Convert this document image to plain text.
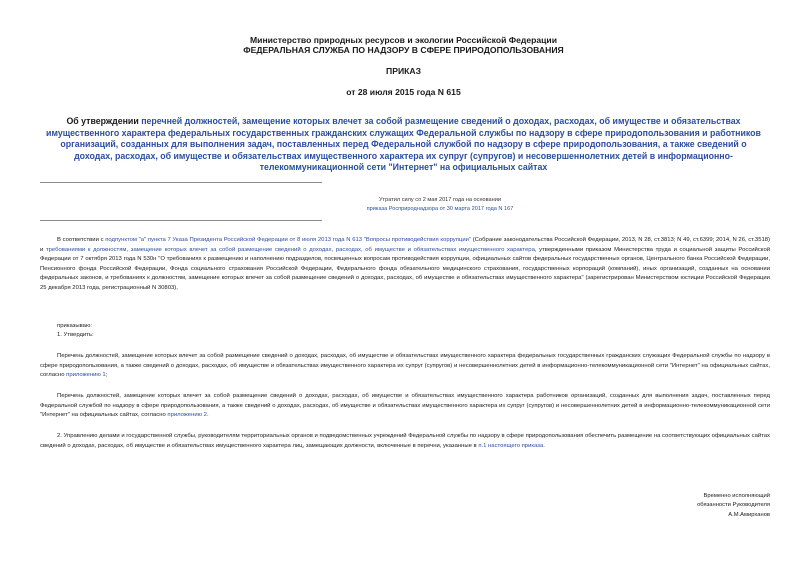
Министерство природных ресурсов и экологии Российской Федерации
ФЕДЕРАЛЬНАЯ СЛУЖБА ПО НАДЗОРУ В СФЕРЕ ПРИРОДОПОЛЬЗОВАНИЯ
ПРИКАЗ
от 28 июля 2015 года N 615
Об утверждении перечней должностей, замещение которых влечет за собой размещение сведений о доходах, расходах, об имуществе и обязательствах имущественного характера федеральных государственных гражданских служащих Федеральной службы по надзору в сфере природопользования и работников организаций, созданных для выполнения задач, поставленных перед Федеральной службой по надзору в сфере природопользования, а также сведений о доходах, расходах, об имуществе и обязательствах имущественного характера их супруг (супругов) и несовершеннолетних детей в информационно-телекоммуникационной сети "Интернет" на официальных сайтах
Утратил силу со 2 мая 2017 года на основании
приказа Росприроднадзора от 30 марта 2017 года N 167
В соответствии с подпунктом "а" пункта 7 Указа Президента Российской Федерации от 8 июля 2013 года N 613 "Вопросы противодействия коррупции" (Собрание законодательства Российской Федерации, 2013, N 28, ст.3813; N 49, ст.6399; 2014, N 26, ст.3518) и требованиями к должностям, замещение которых влечет за собой размещение сведений о доходах, расходах, об имуществе и обязательствах имущественного характера, утвержденными приказом Министерства труда и социальной защиты Российской Федерации от 7 октября 2013 года N 530н "О требованиях к размещению и наполнению подразделов, посвященных вопросам противодействия коррупции, официальных сайтов федеральных государственных органов, Центрального банка Российской Федерации, Пенсионного фонда Российской Федерации, Фонда социального страхования Российской Федерации, Федерального фонда обязательного медицинского страхования, государственных корпораций (компаний), иных организаций, созданных на основании федеральных законов, и требованиях к должностям, замещение которых влечет за собой размещение сведений о доходах, расходах, об имуществе и обязательствах имущественного характера" (зарегистрирован Министерством юстиции Российской Федерации 25 декабря 2013 года, регистрационный N 30803),
приказываю:
1. Утвердить:
Перечень должностей, замещение которых влечет за собой размещение сведений о доходах, расходах, об имуществе и обязательствах имущественного характера федеральных государственных гражданских служащих Федеральной службы по надзору в сфере природопользования, а также сведений о доходах, расходах, об имуществе и обязательствах имущественного характера их супруг (супругов) и несовершеннолетних детей в информационно-телекоммуникационной сети "Интернет" на официальных сайтах, согласно приложению 1;
Перечень должностей, замещение которых влечет за собой размещение сведений о доходах, расходах, об имуществе и обязательствах имущественного характера работников организаций, созданных для выполнения задач, поставленных перед Федеральной службой по надзору в сфере природопользования, а также сведений о доходах, расходах, об имуществе и обязательствах имущественного характера их супруг (супругов) и несовершеннолетних детей в информационно-телекоммуникационной сети "Интернет" на официальных сайтах, согласно приложению 2.
2. Управлению делами и государственной службы, руководителям территориальных органов и подведомственных учреждений Федеральной службы по надзору в сфере природопользования обеспечить размещение на соответствующих официальных сайтах сведений о доходах, расходах, об имуществе и обязательствах имущественного характера лиц, замещающих должности, включенные в перечни, указанные в п.1 настоящего приказа.
Временно исполняющий
обязанности Руководителя
А.М.Амирханов
